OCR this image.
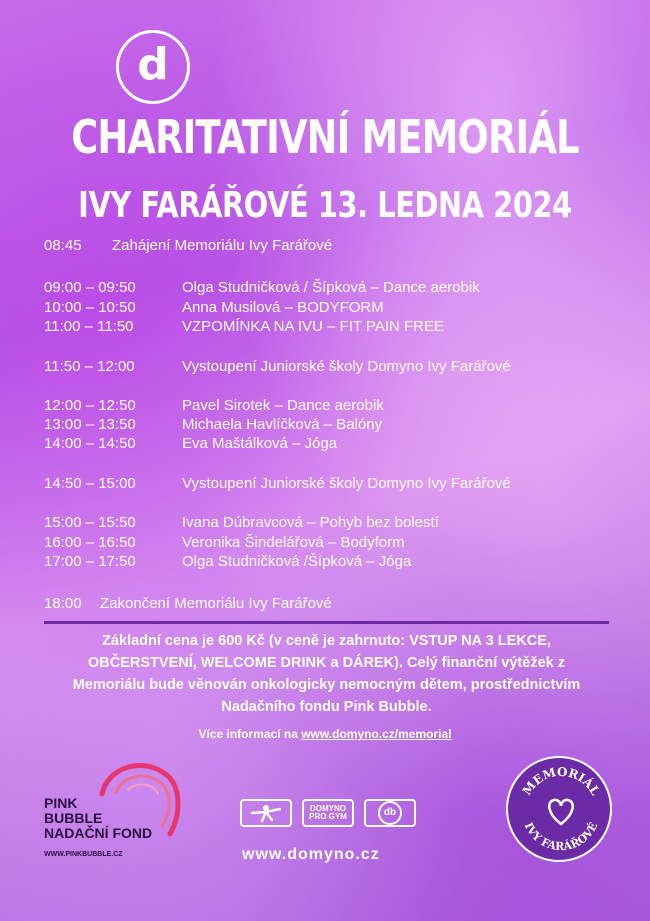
d
CHARITATIVNÍ MEMORIÁL
IVY FARÁŘOVÉ 13. LEDNA 2024
08:45 Zahájení Memoriálu Ivy Farářové
09:00 – 09:50	Olga Studničková / Šípková – Dance aerobik
10:00 – 10:50	Anna Musilová – BODYFORM
11:00 – 11:50	VZPOMÍNKA NA IVU – FIT PAIN FREE
11:50 – 12:00	Vystoupení Juniorské školy Domyno Ivy Farářové
12:00 – 12:50	Pavel Sirotek – Dance aerobik
13:00 – 13:50	Michaela Havlíčková – Balóny
14:00 – 14:50	Eva Maštálková – Jóga
14:50 – 15:00	Vystoupení Juniorské školy Domyno Ivy Farářové
15:00 – 15:50	Ivana Dúbravcová – Pohyb bez bolestí
16:00 – 16:50	Veronika Šindelářová – Bodyform
17:00 – 17:50	Olga Studničková /Šípková – Jóga
18:00 Zakončení Memoriálu Ivy Farářové
Základní cena je 600 Kč (v ceně je zahrnuto: VSTUP NA 3 LEKCE,
OBČERSTVENÍ, WELCOME DRINK a DÁREK). Celý finanční výtěžek z
Memoriálu bude věnován onkologicky nemocným dětem, prostřednictvím
Nadačního fondu Pink Bubble.
Více informací na www.domyno.cz/memorial
PINK
BUBBLE
NADAČNÍ FOND
WWW.PINKBUBBLE.CZ
DOMYNO PRO GYM	db
www.domyno.cz
MEMORIÁL
IVY FARÁŘOVÉ
